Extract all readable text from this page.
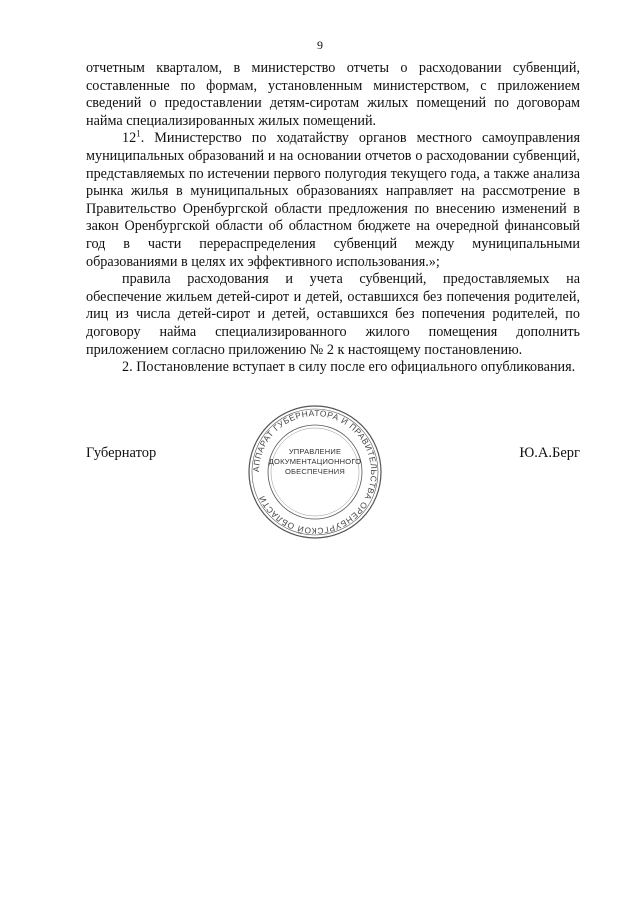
9

отчетным кварталом, в министерство отчеты о расходовании субвенций, составленные по формам, установленным министерством, с приложением сведений о предоставлении детям-сиротам жилых помещений по договорам найма специализированных жилых помещений.

$12^1$. Министерство по ходатайству органов местного самоуправления муниципальных образований и на основании отчетов о расходовании субвенций, представляемых по истечении первого полугодия текущего года, а также анализа рынка жилья в муниципальных образованиях направляет на рассмотрение в Правительство Оренбургской области предложения по внесению изменений в закон Оренбургской области об областном бюджете на очередной финансовый год в части перераспределения субвенций между муниципальными образованиями в целях их эффективного использования.»;

правила расходования и учета субвенций, предоставляемых на обеспечение жильем детей-сирот и детей, оставшихся без попечения родителей, лиц из числа детей-сирот и детей, оставшихся без попечения родителей, по договору найма специализированного жилого помещения дополнить приложением согласно приложению № 2 к настоящему постановлению.

2. Постановление вступает в силу после его официального опубликования.

Губернатор
АППАРАТ ГУБЕРНАТОРА И ПРАВИТЕЛЬСТВА ОРЕНБУРГСКОЙ ОБЛАСТИ
УПРАВЛЕНИЕ
ДОКУМЕНТАЦИОННОГО
ОБЕСПЕЧЕНИЯ
Ю.А.Берг
